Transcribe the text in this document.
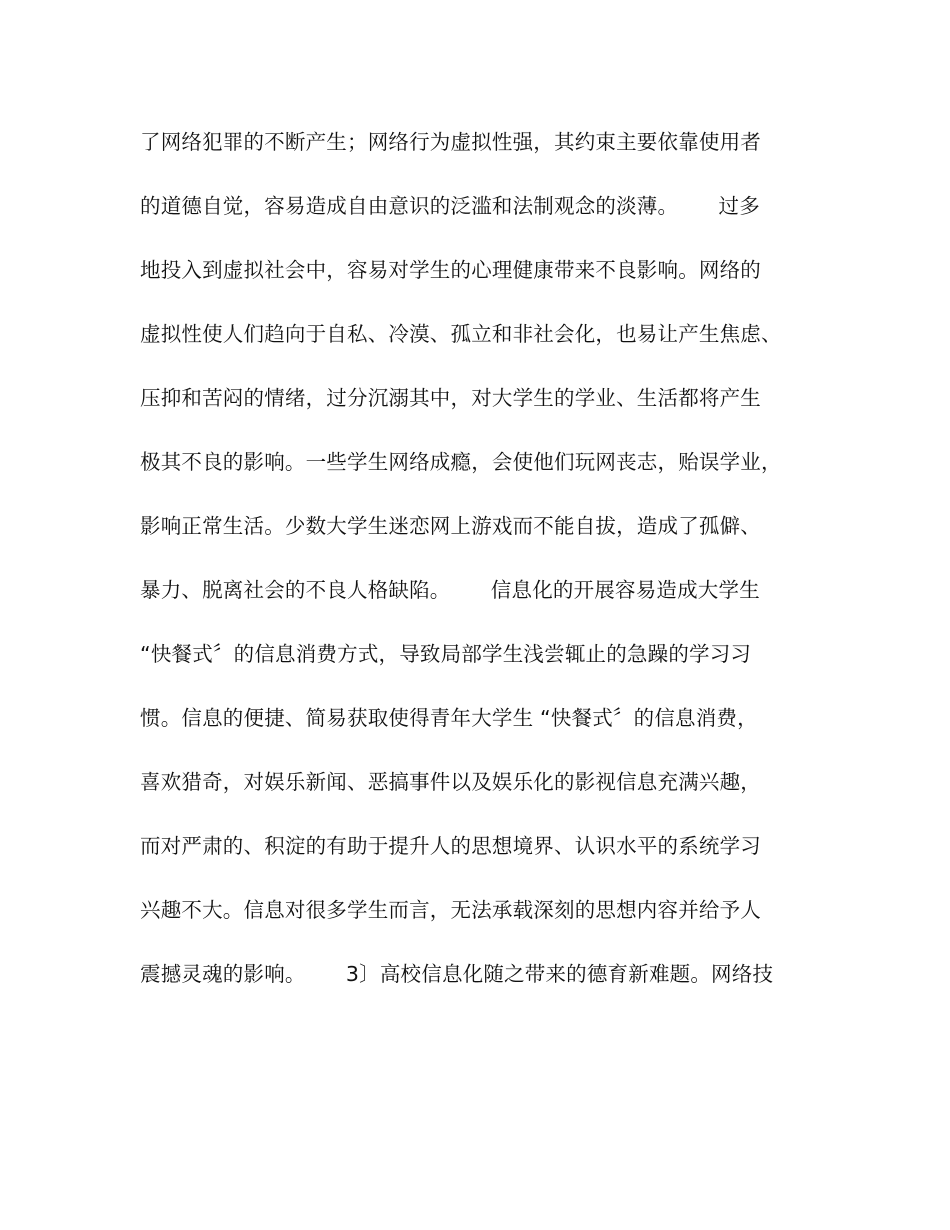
了网络犯罪的不断产生；网络行为虚拟性强，其约束主要依靠使用者
的道德自觉，容易造成自由意识的泛滥和法制观念的淡薄。      过多
地投入到虚拟社会中，容易对学生的心理健康带来不良影响。网络的
虚拟性使人们趋向于自私、冷漠、孤立和非社会化，也易让产生焦虑、
压抑和苦闷的情绪，过分沉溺其中，对大学生的学业、生活都将产生
极其不良的影响。一些学生网络成瘾，会使他们玩网丧志，贻误学业，
影响正常生活。少数大学生迷恋网上游戏而不能自拔，造成了孤僻、
暴力、脱离社会的不良人格缺陷。      信息化的开展容易造成大学生
“快餐式〞的信息消费方式，导致局部学生浅尝辄止的急躁的学习习
惯。信息的便捷、简易获取使得青年大学生 “快餐式〞的信息消费，
喜欢猎奇，对娱乐新闻、恶搞事件以及娱乐化的影视信息充满兴趣，
而对严肃的、积淀的有助于提升人的思想境界、认识水平的系统学习
兴趣不大。信息对很多学生而言，无法承载深刻的思想内容并给予人
震撼灵魂的影响。      3〕高校信息化随之带来的德育新难题。网络技
